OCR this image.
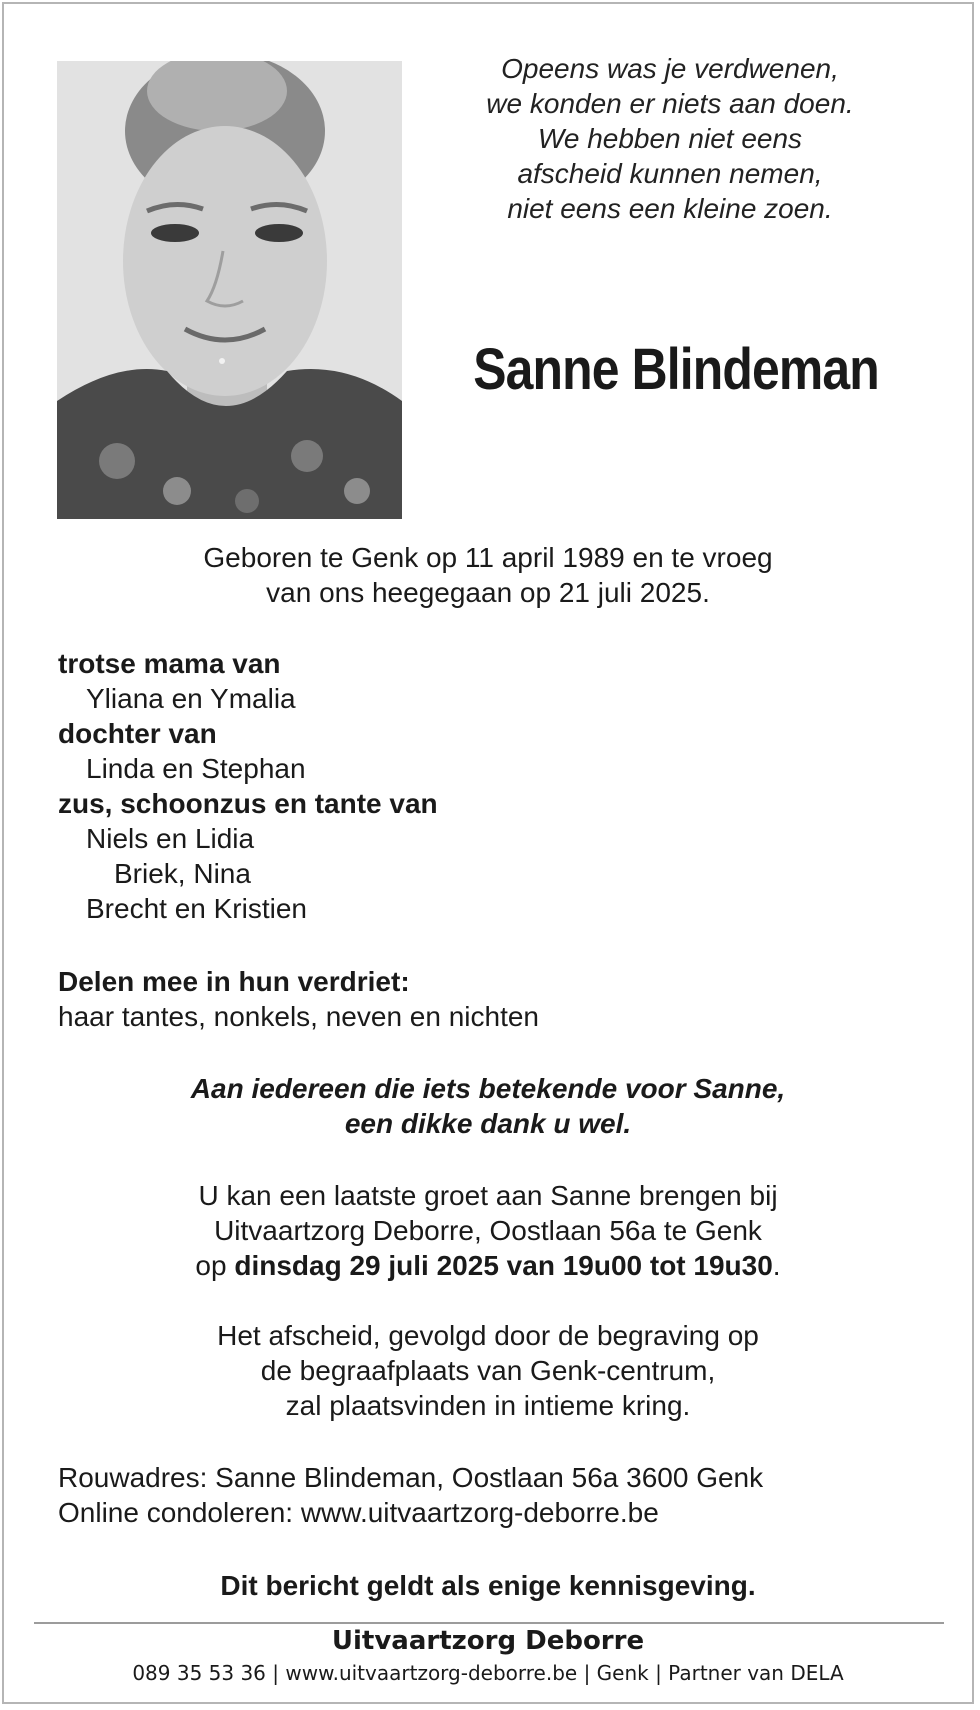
Opeens was je verdwenen,
we konden er niets aan doen.
We hebben niet eens
afscheid kunnen nemen,
niet eens een kleine zoen.
Sanne Blindeman
Geboren te Genk op 11 april 1989 en te vroeg
van ons heegegaan op 21 juli 2025.
trotse mama van
Yliana en Ymalia
dochter van
Linda en Stephan
zus, schoonzus en tante van
Niels en Lidia
Briek, Nina
Brecht en Kristien
Delen mee in hun verdriet:
haar tantes, nonkels, neven en nichten
Aan iedereen die iets betekende voor Sanne,
een dikke dank u wel.
U kan een laatste groet aan Sanne brengen bij
Uitvaartzorg Deborre, Oostlaan 56a te Genk
op dinsdag 29 juli 2025 van 19u00 tot 19u30.
Het afscheid, gevolgd door de begraving op
de begraafplaats van Genk-centrum,
zal plaatsvinden in intieme kring.
Rouwadres: Sanne Blindeman, Oostlaan 56a 3600 Genk
Online condoleren: www.uitvaartzorg-deborre.be
Dit bericht geldt als enige kennisgeving.
Uitvaartzorg Deborre
089 35 53 36 | www.uitvaartzorg-deborre.be | Genk | Partner van DELA
